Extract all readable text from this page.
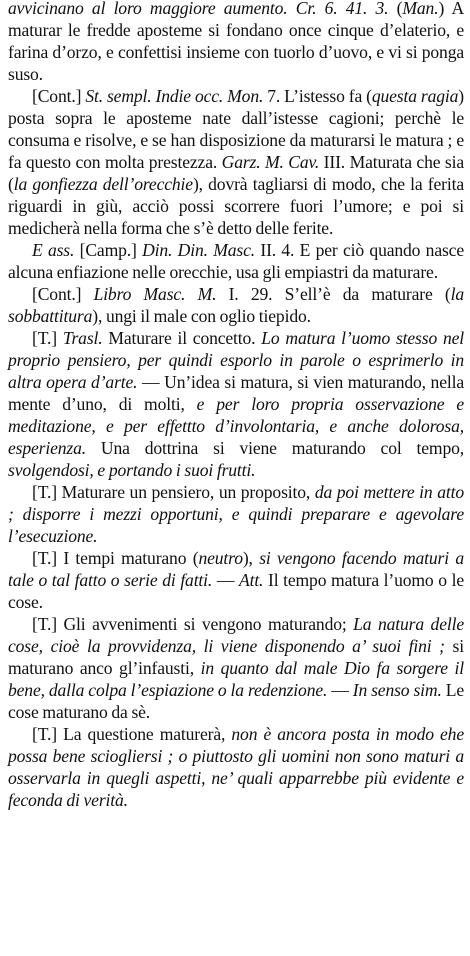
avvicinano al loro maggiore aumento. Cr. 6. 41. 3. (Man.) A maturar le fredde aposteme si fondano once cinque d’elaterio, e farina d’orzo, e confettisi insieme con tuorlo d’uovo, e vi si ponga suso.

[Cont.] St. sempl. Indie occ. Mon. 7. L’istesso fa (questa ragia) posta sopra le aposteme nate dall’istesse cagioni; perchè le consuma e risolve, e se han disposizione da maturarsi le matura ; e fa questo con molta prestezza. Garz. M. Cav. III. Maturata che sia (la gonfiezza dell’orecchie), dovrà tagliarsi di modo, che la ferita riguardi in giù, acciò possi scorrere fuori l’umore; e poi si medicherà nella forma che s’è detto delle ferite.

E ass. [Camp.] Din. Din. Masc. II. 4. E per ciò quando nasce alcuna enfiazione nelle orecchie, usa gli empiastri da maturare.

[Cont.] Libro Masc. M. I. 29. S’ell’è da maturare (la sobbattitura), ungi il male con oglio tiepido.

[T.] Trasl. Maturare il concetto. Lo matura l’uomo stesso nel proprio pensiero, per quindi esporlo in parole o esprimerlo in altra opera d’arte. — Un’idea si matura, si vien maturando, nella mente d’uno, di molti, e per loro propria osservazione e meditazione, e per effettto d’involontaria, e anche dolorosa, esperienza. Una dottrina si viene maturando col tempo, svolgendosi, e portando i suoi frutti.

[T.] Maturare un pensiero, un proposito, da poi mettere in atto ; disporre i mezzi opportuni, e quindi preparare e agevolare l’esecuzione.

[T.] I tempi maturano (neutro), si vengono facendo maturi a tale o tal fatto o serie di fatti. — Att. Il tempo matura l’uomo o le cose.

[T.] Gli avvenimenti si vengono maturando; La natura delle cose, cioè la provvidenza, li viene disponendo a’ suoi fini ; si maturano anco gl’infausti, in quanto dal male Dio fa sorgere il bene, dalla colpa l’espiazione o la redenzione. — In senso sim. Le cose maturano da sè.

[T.] La questione maturerà, non è ancora posta in modo ehe possa bene sciogliersi ; o piuttosto gli uomini non sono maturi a osservarla in quegli aspetti, ne’ quali apparrebbe più evidente e feconda di verità.
